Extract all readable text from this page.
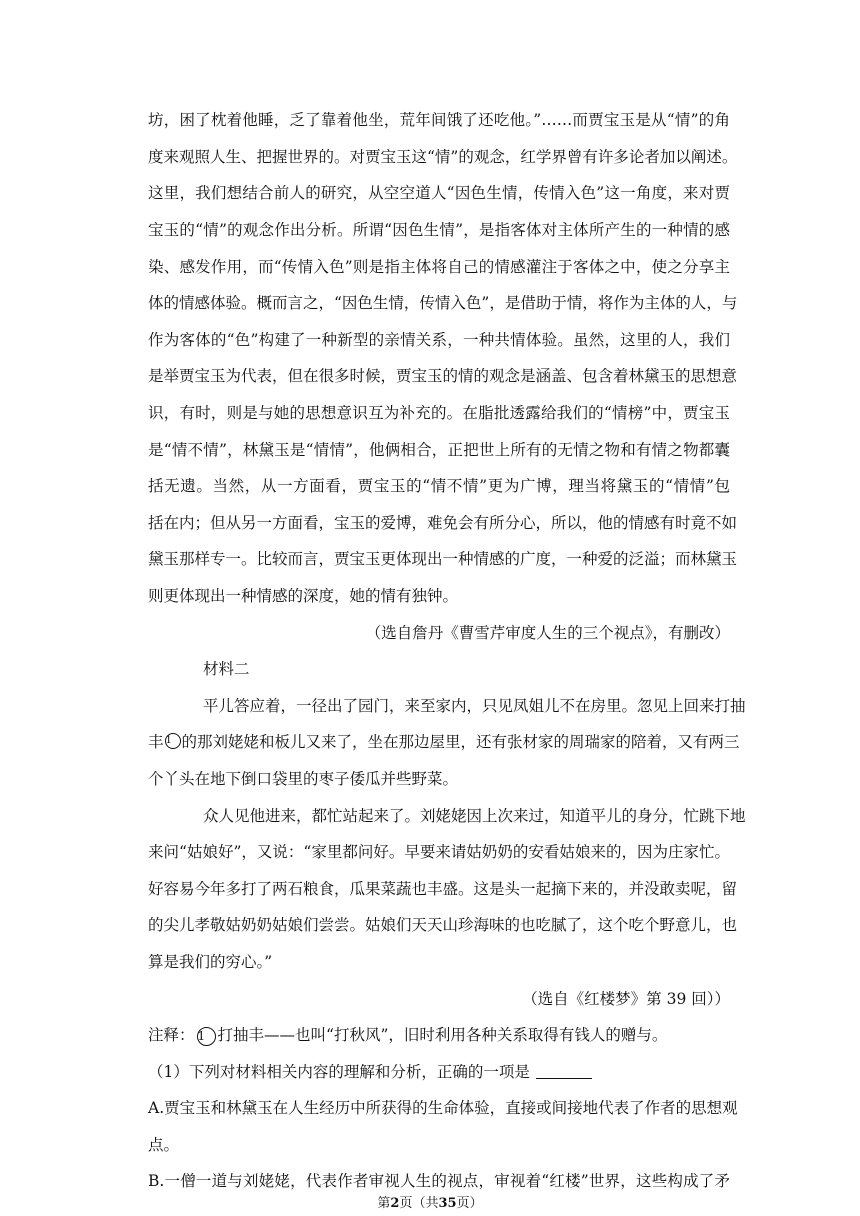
坊，困了枕着他睡，乏了靠着他坐，荒年间饿了还吃他。”……而贾宝玉是从“情”的角
度来观照人生、把握世界的。对贾宝玉这“情”的观念，红学界曾有许多论者加以阐述。
这里，我们想结合前人的研究，从空空道人“因色生情，传情入色”这一角度，来对贾
宝玉的“情”的观念作出分析。所谓“因色生情”，是指客体对主体所产生的一种情的感
染、感发作用，而“传情入色”则是指主体将自己的情感灌注于客体之中，使之分享主
体的情感体验。概而言之，“因色生情，传情入色”，是借助于情，将作为主体的人，与
作为客体的“色”构建了一种新型的亲情关系，一种共情体验。虽然，这里的人，我们
是举贾宝玉为代表，但在很多时候，贾宝玉的情的观念是涵盖、包含着林黛玉的思想意
识，有时，则是与她的思想意识互为补充的。在脂批透露给我们的“情榜”中，贾宝玉
是“情不情”，林黛玉是“情情”，他俩相合，正把世上所有的无情之物和有情之物都囊
括无遗。当然，从一方面看，贾宝玉的“情不情”更为广博，理当将黛玉的“情情”包
括在内；但从另一方面看，宝玉的爱博，难免会有所分心，所以，他的情感有时竟不如
黛玉那样专一。比较而言，贾宝玉更体现出一种情感的广度，一种爱的泛溢；而林黛玉
则更体现出一种情感的深度，她的情有独钟。
（选自詹丹《曹雪芹审度人生的三个视点》，有删改）
材料二
平儿答应着，一径出了园门，来至家内，只见凤姐儿不在房里。忽见上回来打抽
丰 1 的那刘姥姥和板儿又来了，坐在那边屋里，还有张材家的周瑞家的陪着，又有两三
个丫头在地下倒口袋里的枣子倭瓜并些野菜。
众人见他进来，都忙站起来了。刘姥姥因上次来过，知道平儿的身分，忙跳下地
来问“姑娘好”，又说：“家里都问好。早要来请姑奶奶的安看姑娘来的，因为庄家忙。
好容易今年多打了两石粮食，瓜果菜蔬也丰盛。这是头一起摘下来的，并没敢卖呢，留
的尖儿孝敬姑奶奶姑娘们尝尝。姑娘们天天山珍海味的也吃腻了，这个吃个野意儿，也
算是我们的穷心。”
（选自《红楼梦》第 39 回））
注释： 1 打抽丰——也叫“打秋风”，旧时利用各种关系取得有钱人的赠与。
（1）下列对材料相关内容的理解和分析，正确的一项是
A.贾宝玉和林黛玉在人生经历中所获得的生命体验，直接或间接地代表了作者的思想观
点。
B.一僧一道与刘姥姥，代表作者审视人生的视点，审视着“红楼”世界，这些构成了矛
第2页（共35页）
